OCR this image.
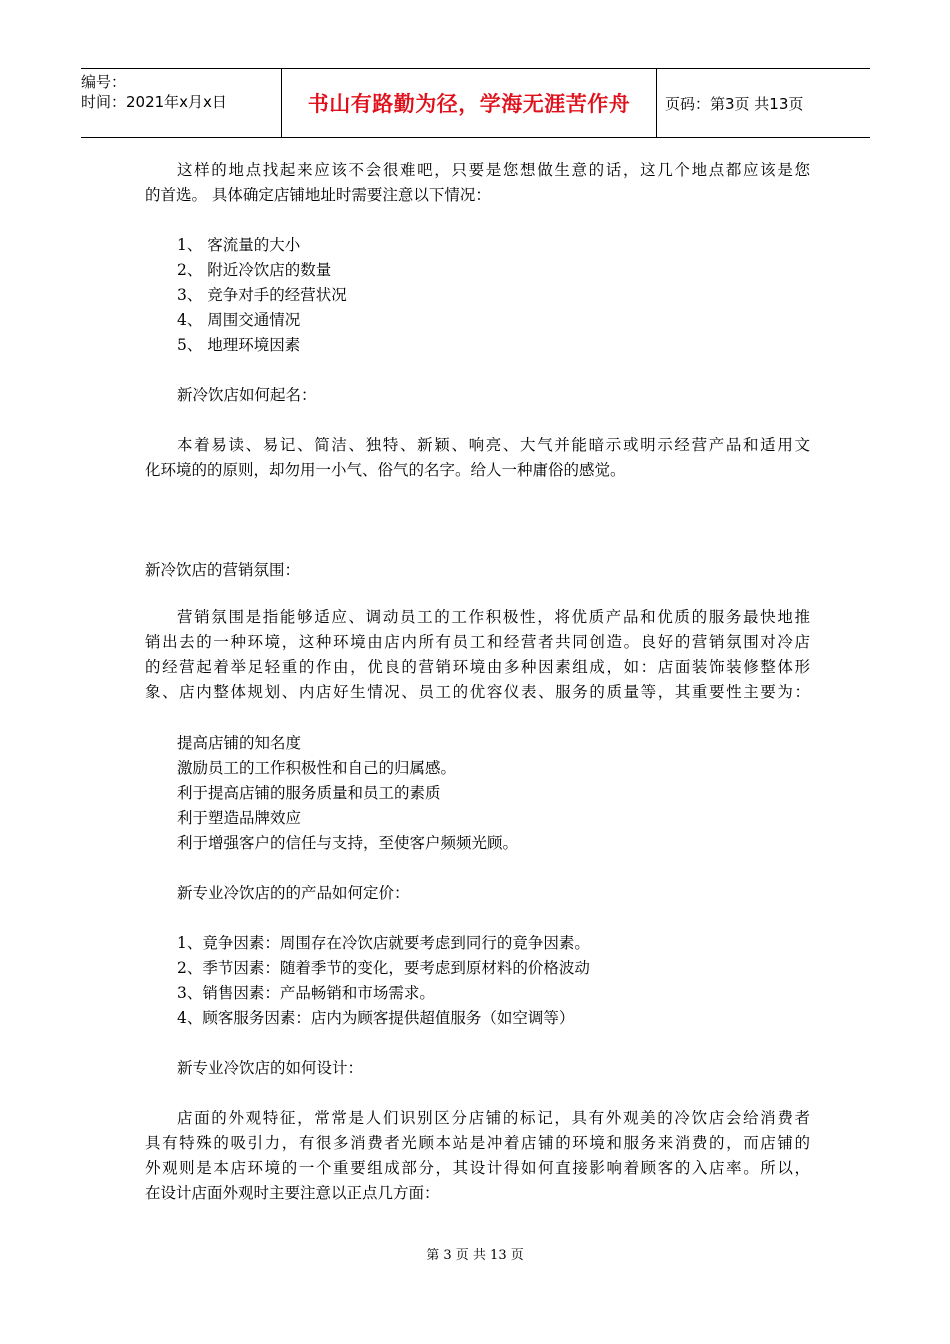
编号：
时间：2021年x月x日	书山有路勤为径，学海无涯苦作舟 页码：第3页 共13页
这样的地点找起来应该不会很难吧，只要是您想做生意的话，这几个地点都应该是您
的首选。 具体确定店铺地址时需要注意以下情况：
1、 客流量的大小
2、 附近冷饮店的数量
3、 竞争对手的经营状况
4、 周围交通情况
5、 地理环境因素
新冷饮店如何起名：
本着易读、易记、简洁、独特、新颖、响亮、大气并能暗示或明示经营产品和适用文
化环境的的原则，却勿用一小气、俗气的名字。给人一种庸俗的感觉。
新冷饮店的营销氛围：
营销氛围是指能够适应、调动员工的工作积极性，将优质产品和优质的服务最快地推
销出去的一种环境，这种环境由店内所有员工和经营者共同创造。良好的营销氛围对冷店
的经营起着举足轻重的作由，优良的营销环境由多种因素组成，如：店面装饰装修整体形
象、店内整体规划、内店好生情况、员工的优容仪表、服务的质量等，其重要性主要为：
提高店铺的知名度
激励员工的工作积极性和自己的归属感。
利于提高店铺的服务质量和员工的素质
利于塑造品牌效应
利于增强客户的信任与支持，至使客户频频光顾。
新专业冷饮店的的产品如何定价：
1、竟争因素：周围存在冷饮店就要考虑到同行的竟争因素。
2、季节因素：随着季节的变化，要考虑到原材料的价格波动
3、销售因素：产品畅销和市场需求。
4、顾客服务因素：店内为顾客提供超值服务（如空调等）
新专业冷饮店的如何设计：
店面的外观特征，常常是人们识别区分店铺的标记，具有外观美的冷饮店会给消费者
具有特殊的吸引力，有很多消费者光顾本站是冲着店铺的环境和服务来消费的，而店铺的
外观则是本店环境的一个重要组成部分，其设计得如何直接影响着顾客的入店率。所以，
在设计店面外观时主要注意以正点几方面：
第 3 页 共 13 页
